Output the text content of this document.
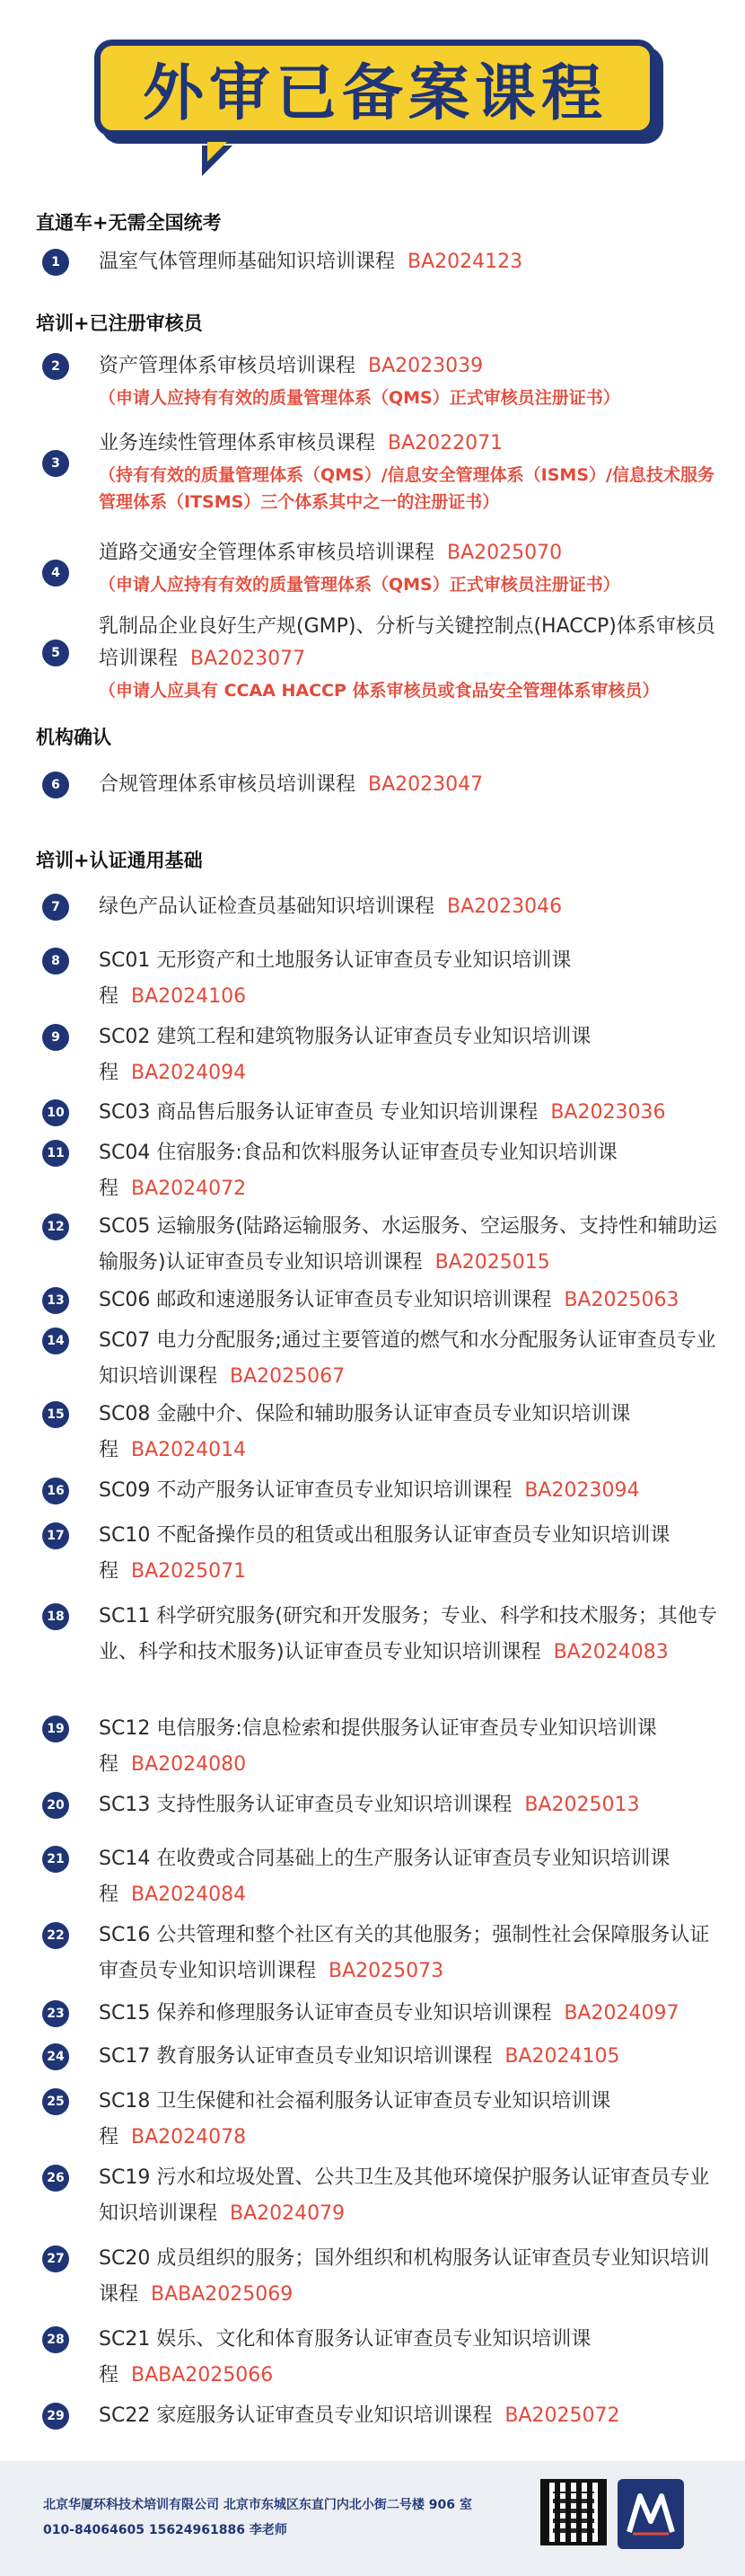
外审已备案课程
直通车+无需全国统考
培训+已注册审核员
机构确认
培训+认证通用基础
1	温室气体管理师基础知识培训课程 BA2024123
2	资产管理体系审核员培训课程 BA2023039
（申请人应持有有效的质量管理体系（QMS）正式审核员注册证书）
3
业务连续性管理体系审核员课程 BA2022071
（持有有效的质量管理体系（QMS）/信息安全管理体系（ISMS）/信息技术服务管理体系（ITSMS）三个体系其中之一的注册证书）
4
道路交通安全管理体系审核员培训课程 BA2025070
（申请人应持有有效的质量管理体系（QMS）正式审核员注册证书）
5
乳制品企业良好生产规(GMP)、分析与关键控制点(HACCP)体系审核员培训课程 BA2023077
（申请人应具有 CCAA HACCP 体系审核员或食品安全管理体系审核员）
6	合规管理体系审核员培训课程 BA2023047
7	绿色产品认证检查员基础知识培训课程 BA2023046
8	SC01 无形资产和土地服务认证审查员专业知识培训课程 BA2024106
9	SC02 建筑工程和建筑物服务认证审查员专业知识培训课程 BA2024094
10 SC03 商品售后服务认证审查员 专业知识培训课程 BA2023036
11 SC04 住宿服务:食品和饮料服务认证审查员专业知识培训课程 BA2024072
12 SC05 运输服务(陆路运输服务、水运服务、空运服务、支持性和辅助运输服务)认证审查员专业知识培训课程 BA2025015
13 SC06 邮政和速递服务认证审查员专业知识培训课程 BA2025063
14 SC07 电力分配服务;通过主要管道的燃气和水分配服务认证审查员专业知识培训课程 BA2025067
15 SC08 金融中介、保险和辅助服务认证审查员专业知识培训课程 BA2024014
16 SC09 不动产服务认证审查员专业知识培训课程 BA2023094
17 SC10 不配备操作员的租赁或出租服务认证审查员专业知识培训课程 BA2025071
18 SC11 科学研究服务(研究和开发服务；专业、科学和技术服务；其他专业、科学和技术服务)认证审查员专业知识培训课程 BA2024083
19 SC12 电信服务:信息检索和提供服务认证审查员专业知识培训课程 BA2024080
20 SC13 支持性服务认证审查员专业知识培训课程 BA2025013
21 SC14 在收费或合同基础上的生产服务认证审查员专业知识培训课程 BA2024084
22 SC16 公共管理和整个社区有关的其他服务；强制性社会保障服务认证审查员专业知识培训课程 BA2025073
23 SC15 保养和修理服务认证审查员专业知识培训课程 BA2024097
24 SC17 教育服务认证审查员专业知识培训课程 BA2024105
25 SC18 卫生保健和社会福利服务认证审查员专业知识培训课程 BA2024078
26 SC19 污水和垃圾处置、公共卫生及其他环境保护服务认证审查员专业知识培训课程 BA2024079
27 SC20 成员组织的服务；国外组织和机构服务认证审查员专业知识培训课程 BABA2025069
28 SC21 娱乐、文化和体育服务认证审查员专业知识培训课程 BABA2025066
29 SC22 家庭服务认证审查员专业知识培训课程 BA2025072
北京华厦环科技术培训有限公司 北京市东城区东直门内北小街二号楼 906 室
010-84064605 15624961886 李老师
